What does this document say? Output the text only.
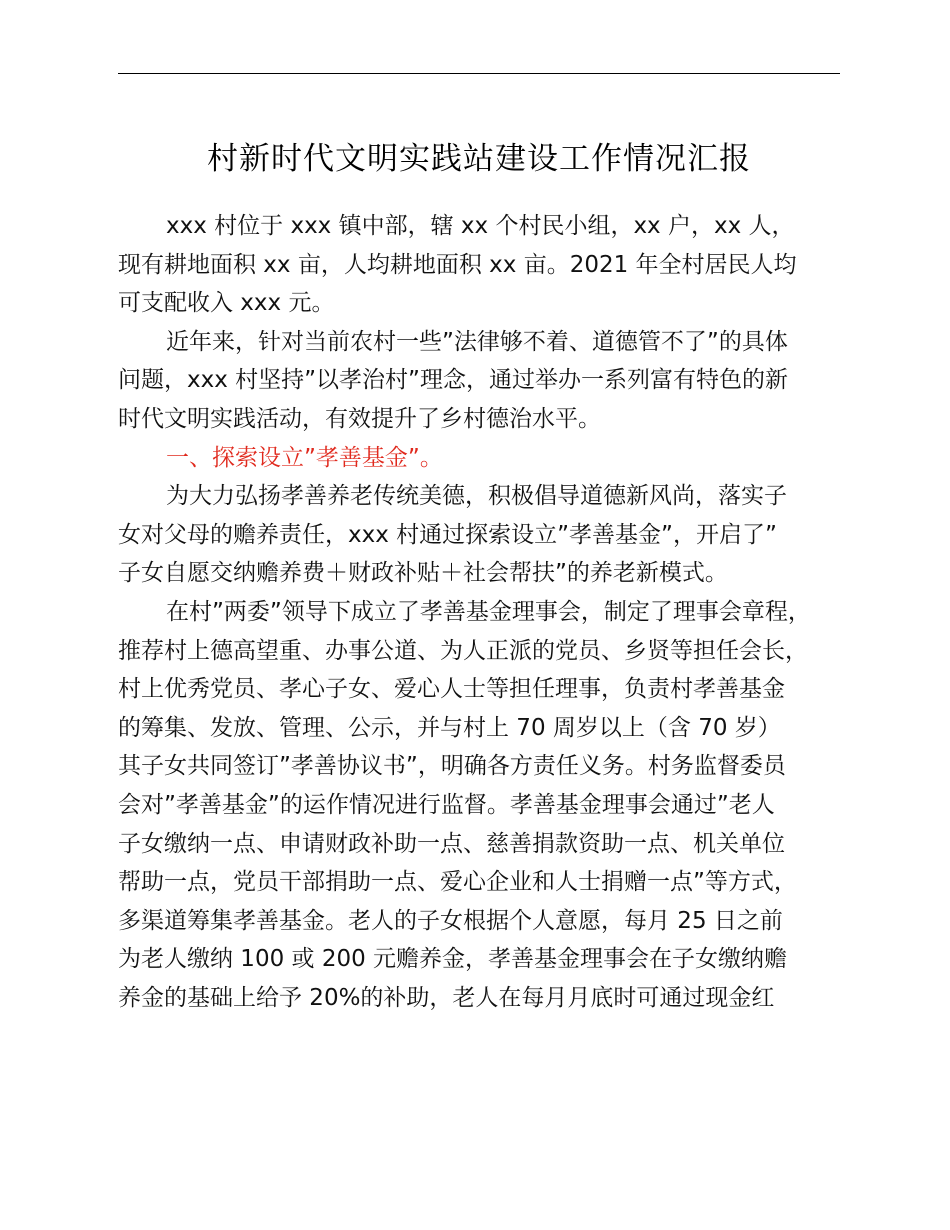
村新时代文明实践站建设工作情况汇报
xxx 村位于 xxx 镇中部，辖 xx 个村民小组，xx 户，xx 人，
现有耕地面积 xx 亩，人均耕地面积 xx 亩。2021 年全村居民人均
可支配收入 xxx 元。
近年来，针对当前农村一些”法律够不着、道德管不了”的具体
问题，xxx 村坚持”以孝治村”理念，通过举办一系列富有特色的新
时代文明实践活动，有效提升了乡村德治水平。
一、探索设立”孝善基金”。
为大力弘扬孝善养老传统美德，积极倡导道德新风尚，落实子
女对父母的赡养责任，xxx 村通过探索设立”孝善基金”，开启了”
子女自愿交纳赡养费＋财政补贴＋社会帮扶”的养老新模式。
在村”两委”领导下成立了孝善基金理事会，制定了理事会章程，
推荐村上德高望重、办事公道、为人正派的党员、乡贤等担任会长，
村上优秀党员、孝心子女、爱心人士等担任理事，负责村孝善基金
的筹集、发放、管理、公示，并与村上 70 周岁以上（含 70 岁）
其子女共同签订”孝善协议书”，明确各方责任义务。村务监督委员
会对”孝善基金”的运作情况进行监督。孝善基金理事会通过”老人
子女缴纳一点、申请财政补助一点、慈善捐款资助一点、机关单位
帮助一点，党员干部捐助一点、爱心企业和人士捐赠一点”等方式，
多渠道筹集孝善基金。老人的子女根据个人意愿，每月 25 日之前
为老人缴纳 100 或 200 元赡养金，孝善基金理事会在子女缴纳赡
养金的基础上给予 20%的补助，老人在每月月底时可通过现金红
